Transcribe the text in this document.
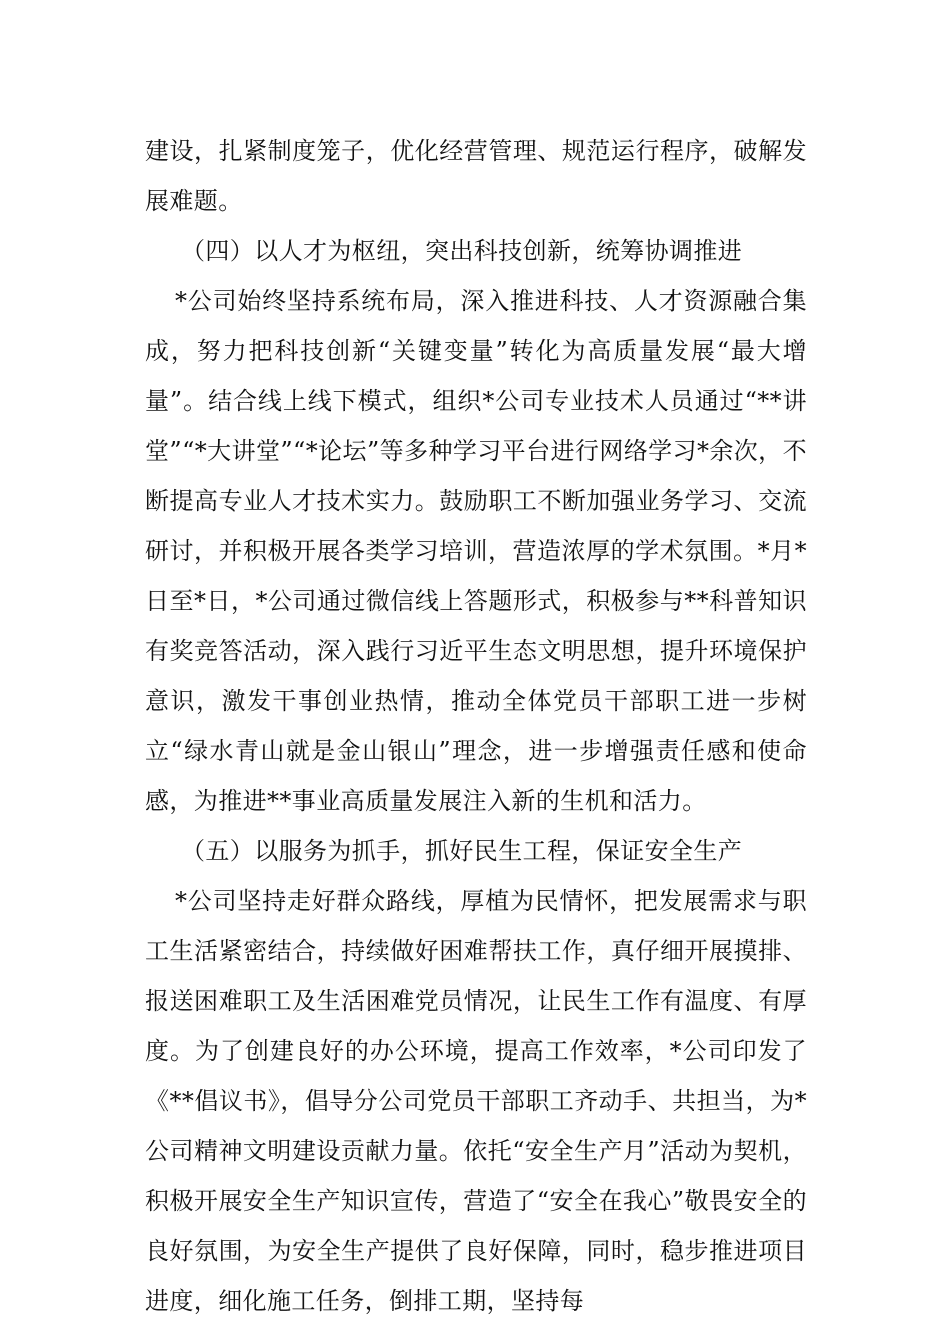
建设，扎紧制度笼子，优化经营管理、规范运行程序，破解发展难题。

（四）以人才为枢纽，突出科技创新，统筹协调推进

*公司始终坚持系统布局，深入推进科技、人才资源融合集成，努力把科技创新“关键变量”转化为高质量发展“最大增量”。结合线上线下模式，组织*公司专业技术人员通过“**讲堂”“*大讲堂”“*论坛”等多种学习平台进行网络学习*余次，不断提高专业人才技术实力。鼓励职工不断加强业务学习、交流研讨，并积极开展各类学习培训，营造浓厚的学术氛围。*月*日至*日，*公司通过微信线上答题形式，积极参与**科普知识有奖竞答活动，深入践行习近平生态文明思想，提升环境保护意识，激发干事创业热情，推动全体党员干部职工进一步树立“绿水青山就是金山银山”理念，进一步增强责任感和使命感，为推进**事业高质量发展注入新的生机和活力。

（五）以服务为抓手，抓好民生工程，保证安全生产

*公司坚持走好群众路线，厚植为民情怀，把发展需求与职工生活紧密结合，持续做好困难帮扶工作，真仔细开展摸排、报送困难职工及生活困难党员情况，让民生工作有温度、有厚度。为了创建良好的办公环境，提高工作效率，*公司印发了《**倡议书》，倡导分公司党员干部职工齐动手、共担当，为*公司精神文明建设贡献力量。依托“安全生产月”活动为契机，积极开展安全生产知识宣传，营造了“安全在我心”敬畏安全的良好氛围，为安全生产提供了良好保障，同时，稳步推进项目进度，细化施工任务，倒排工期，坚持每
